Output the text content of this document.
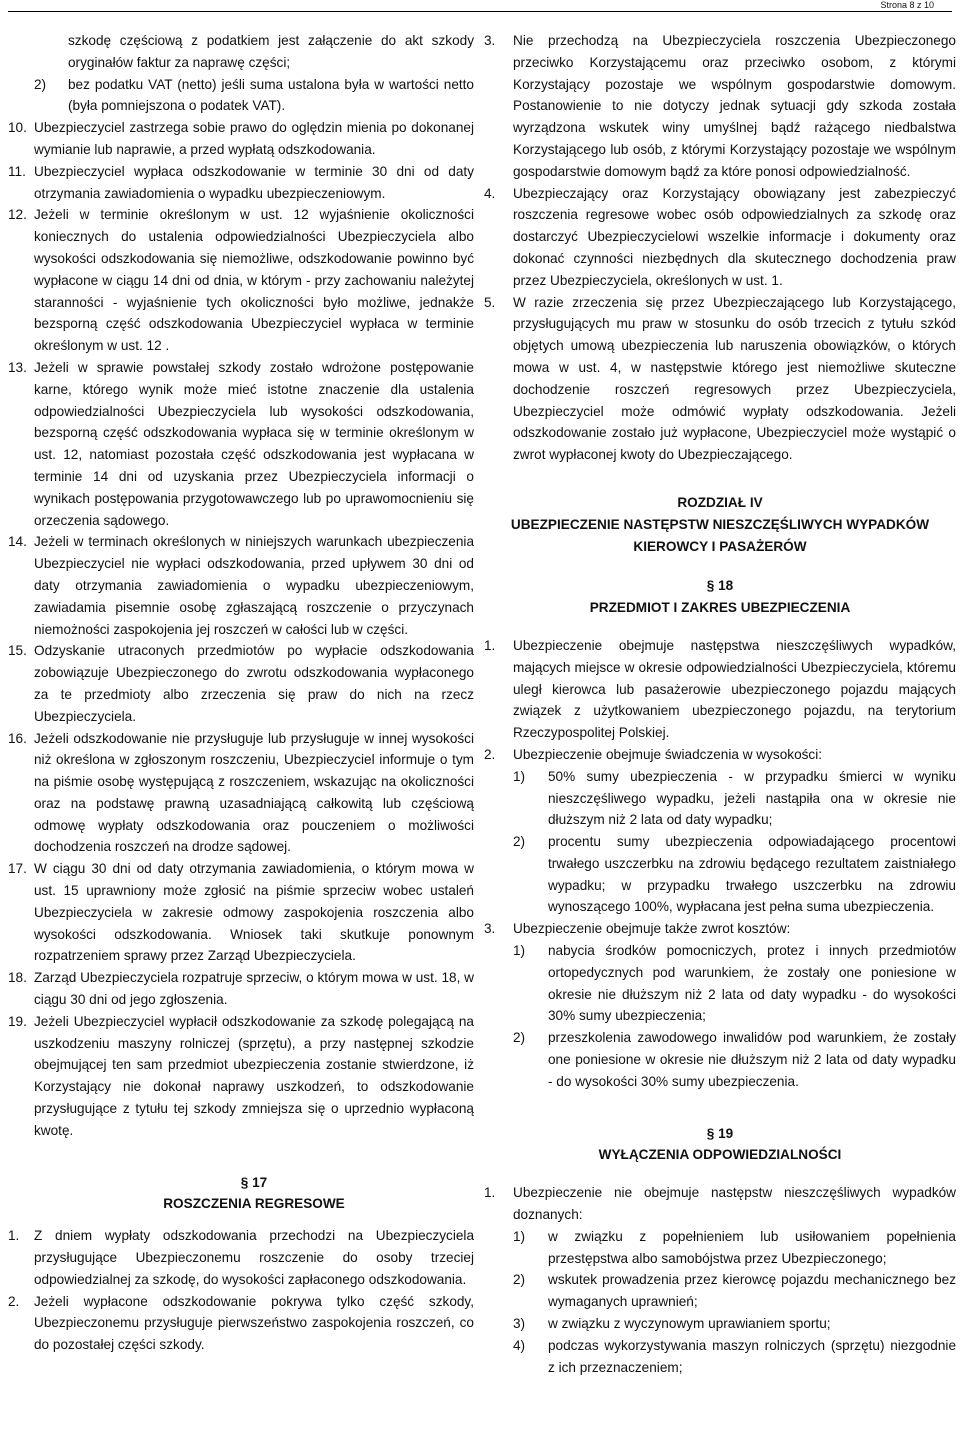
Strona 8 z 10

szkodę częściową z podatkiem jest załączenie do akt szkody oryginałów faktur za naprawę części;

2)	bez podatku VAT (netto) jeśli suma ustalona była w wartości netto (była pomniejszona o podatek VAT).
10. Ubezpieczyciel zastrzega sobie prawo do oględzin mienia po dokonanej wymianie lub naprawie, a przed wypłatą odszkodowania.
11. Ubezpieczyciel wypłaca odszkodowanie w terminie 30 dni od daty otrzymania zawiadomienia o wypadku ubezpieczeniowym.
12. Jeżeli w terminie określonym w ust. 12 wyjaśnienie okoliczności koniecznych do ustalenia odpowiedzialności Ubezpieczyciela albo wysokości odszkodowania się niemożliwe, odszkodowanie powinno być wypłacone w ciągu 14 dni od dnia, w którym - przy zachowaniu należytej staranności - wyjaśnienie tych okoliczności było możliwe, jednakże bezsporną część odszkodowania Ubezpieczyciel wypłaca w terminie określonym w ust. 12 .
13. Jeżeli w sprawie powstałej szkody zostało wdrożone postępowanie karne, którego wynik może mieć istotne znaczenie dla ustalenia odpowiedzialności Ubezpieczyciela lub wysokości odszkodowania, bezsporną część odszkodowania wypłaca się w terminie określonym w ust. 12, natomiast pozostała część odszkodowania jest wypłacana w terminie 14 dni od uzyskania przez Ubezpieczyciela informacji o wynikach postępowania przygotowawczego lub po uprawomocnieniu się orzeczenia sądowego.
14. Jeżeli w terminach określonych w niniejszych warunkach ubezpieczenia Ubezpieczyciel nie wypłaci odszkodowania, przed upływem 30 dni od daty otrzymania zawiadomienia o wypadku ubezpieczeniowym, zawiadamia pisemnie osobę zgłaszającą roszczenie o przyczynach niemożności zaspokojenia jej roszczeń w całości lub w części.
15. Odzyskanie utraconych przedmiotów po wypłacie odszkodowania zobowiązuje Ubezpieczonego do zwrotu odszkodowania wypłaconego za te przedmioty albo zrzeczenia się praw do nich na rzecz Ubezpieczyciela.
16. Jeżeli odszkodowanie nie przysługuje lub przysługuje w innej wysokości niż określona w zgłoszonym roszczeniu, Ubezpieczyciel informuje o tym na piśmie osobę występującą z roszczeniem, wskazując na okoliczności oraz na podstawę prawną uzasadniającą całkowitą lub częściową odmowę wypłaty odszkodowania oraz pouczeniem o możliwości dochodzenia roszczeń na drodze sądowej.
17. W ciągu 30 dni od daty otrzymania zawiadomienia, o którym mowa w ust. 15 uprawniony może zgłosić na piśmie sprzeciw wobec ustaleń Ubezpieczyciela w zakresie odmowy zaspokojenia roszczenia albo wysokości odszkodowania. Wniosek taki skutkuje ponownym rozpatrzeniem sprawy przez Zarząd Ubezpieczyciela.
18. Zarząd Ubezpieczyciela rozpatruje sprzeciw, o którym mowa w ust. 18, w ciągu 30 dni od jego zgłoszenia.
19. Jeżeli Ubezpieczyciel wypłacił odszkodowanie za szkodę polegającą na uszkodzeniu maszyny rolniczej (sprzętu), a przy następnej szkodzie obejmującej ten sam przedmiot ubezpieczenia zostanie stwierdzone, iż Korzystający nie dokonał naprawy uszkodzeń, to odszkodowanie przysługujące z tytułu tej szkody zmniejsza się o uprzednio wypłaconą kwotę.
§ 17
ROSZCZENIA REGRESOWE
1.	Z dniem wypłaty odszkodowania przechodzi na Ubezpieczyciela przysługujące Ubezpieczonemu roszczenie do osoby trzeciej odpowiedzialnej za szkodę, do wysokości zapłaconego odszkodowania.
2.	Jeżeli wypłacone odszkodowanie pokrywa tylko część szkody, Ubezpieczonemu przysługuje pierwszeństwo zaspokojenia roszczeń, co do pozostałej części szkody.
3.	Nie przechodzą na Ubezpieczyciela roszczenia Ubezpieczonego przeciwko Korzystającemu oraz przeciwko osobom, z którymi Korzystający pozostaje we wspólnym gospodarstwie domowym. Postanowienie to nie dotyczy jednak sytuacji gdy szkoda została wyrządzona wskutek winy umyślnej bądź rażącego niedbalstwa Korzystającego lub osób, z którymi Korzystający pozostaje we wspólnym gospodarstwie domowym bądź za które ponosi odpowiedzialność.
4.	Ubezpieczający oraz Korzystający obowiązany jest zabezpieczyć roszczenia regresowe wobec osób odpowiedzialnych za szkodę oraz dostarczyć Ubezpieczycielowi wszelkie informacje i dokumenty oraz dokonać czynności niezbędnych dla skutecznego dochodzenia praw przez Ubezpieczyciela, określonych w ust. 1.
5.	W razie zrzeczenia się przez Ubezpieczającego lub Korzystającego, przysługujących mu praw w stosunku do osób trzecich z tytułu szkód objętych umową ubezpieczenia lub naruszenia obowiązków, o których mowa w ust. 4, w następstwie którego jest niemożliwe skuteczne dochodzenie roszczeń regresowych przez Ubezpieczyciela, Ubezpieczyciel może odmówić wypłaty odszkodowania. Jeżeli odszkodowanie zostało już wypłacone, Ubezpieczyciel może wystąpić o zwrot wypłaconej kwoty do Ubezpieczającego.
ROZDZIAŁ IV
UBEZPIECZENIE NASTĘPSTW NIESZCZĘŚLIWYCH WYPADKÓW
KIEROWCY I PASAŻERÓW
§ 18
PRZEDMIOT I ZAKRES UBEZPIECZENIA
1.	Ubezpieczenie obejmuje następstwa nieszczęśliwych wypadków, mających miejsce w okresie odpowiedzialności Ubezpieczyciela, któremu uległ kierowca lub pasażerowie ubezpieczonego pojazdu mających związek z użytkowaniem ubezpieczonego pojazdu, na terytorium Rzeczypospolitej Polskiej.
2.	Ubezpieczenie obejmuje świadczenia w wysokości:
1)	50% sumy ubezpieczenia - w przypadku śmierci w wyniku nieszczęśliwego wypadku, jeżeli nastąpiła ona w okresie nie dłuższym niż 2 lata od daty wypadku;
2)	procentu sumy ubezpieczenia odpowiadającego procentowi trwałego uszczerbku na zdrowiu będącego rezultatem zaistniałego wypadku; w przypadku trwałego uszczerbku na zdrowiu wynoszącego 100%, wypłacana jest pełna suma ubezpieczenia.
3.	Ubezpieczenie obejmuje także zwrot kosztów:
1)	nabycia środków pomocniczych, protez i innych przedmiotów ortopedycznych pod warunkiem, że zostały one poniesione w okresie nie dłuższym niż 2 lata od daty wypadku - do wysokości 30% sumy ubezpieczenia;
2)	przeszkolenia zawodowego inwalidów pod warunkiem, że zostały one poniesione w okresie nie dłuższym niż 2 lata od daty wypadku - do wysokości 30% sumy ubezpieczenia.
§ 19
WYŁĄCZENIA ODPOWIEDZIALNOŚCI
1.	Ubezpieczenie nie obejmuje następstw nieszczęśliwych wypadków doznanych:
1)	w związku z popełnieniem lub usiłowaniem popełnienia przestępstwa albo samobójstwa przez Ubezpieczonego;
2)	wskutek prowadzenia przez kierowcę pojazdu mechanicznego bez wymaganych uprawnień;
3)	w związku z wyczynowym uprawianiem sportu;
4)	podczas wykorzystywania maszyn rolniczych (sprzętu) niezgodnie z ich przeznaczeniem;
